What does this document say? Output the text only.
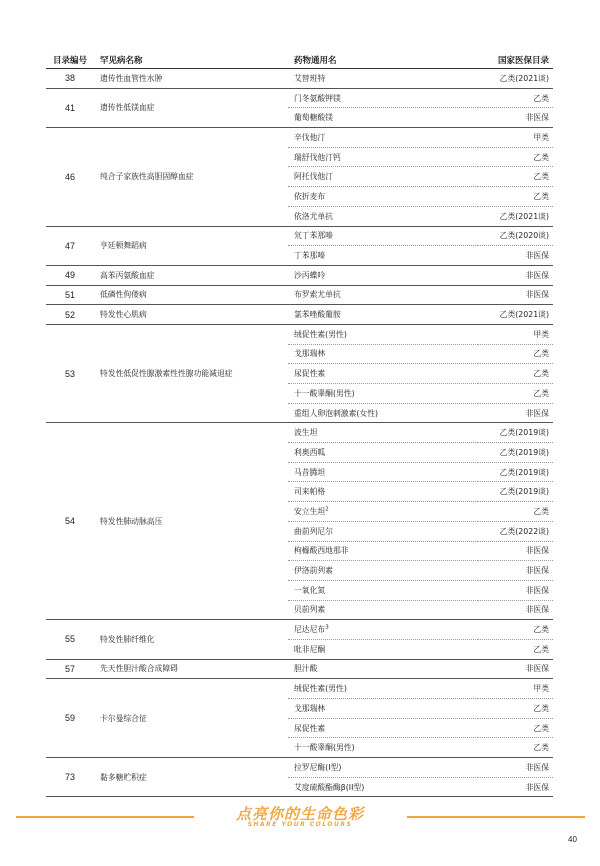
目录编号	罕见病名称	药物通用名	国家医保目录
38	遗传性血管性水肿	艾替班特	乙类(2021谈)
41	遗传性低镁血症	门冬氨酸钾镁	乙类
		葡萄糖酸镁	非医保
46	纯合子家族性高胆固醇血症	辛伐他汀	甲类
		瑞舒伐他汀钙	乙类
		阿托伐他汀	乙类
		依折麦布	乙类
		依洛尤单抗	乙类(2021谈)
47	亨廷顿舞蹈病	氘丁苯那嗪	乙类(2020谈)
		丁苯那嗪	非医保
49	高苯丙氨酸血症	沙丙蝶呤	非医保
51	低磷性佝偻病	布罗索尤单抗	非医保
52	特发性心肌病	氯苯唑酸葡胺	乙类(2021谈)
53	特发性低促性腺激素性性腺功能减退症	绒促性素(男性)	甲类
		戈那瑞林	乙类
		尿促性素	乙类
		十一酸睾酮(男性)	乙类
		重组人卵泡刺激素(女性)	非医保
54	特发性肺动脉高压	波生坦	乙类(2019谈)
		利奥西呱	乙类(2019谈)
		马昔腾坦	乙类(2019谈)
		司来帕格	乙类(2019谈)
		安立生坦$^2$	乙类
		曲前列尼尔	乙类(2022谈)
		枸橼酸西地那非	非医保
		伊洛前列素	非医保
		一氧化氮	非医保
		贝前列素	非医保
55	特发性肺纤维化	尼达尼布$^3$	乙类
		吡非尼酮	乙类
57	先天性胆汁酸合成障碍	胆汁酸	非医保
59	卡尔曼综合征	绒促性素(男性)	甲类
		戈那瑞林	乙类
		尿促性素	乙类
		十一酸睾酮(男性)	乙类
73	黏多糖贮积症	拉罗尼酶(I型)	非医保
		艾度硫酸酯酶β(II型)	非医保
点亮你的生命色彩
SHARE YOUR COLOURS
40
